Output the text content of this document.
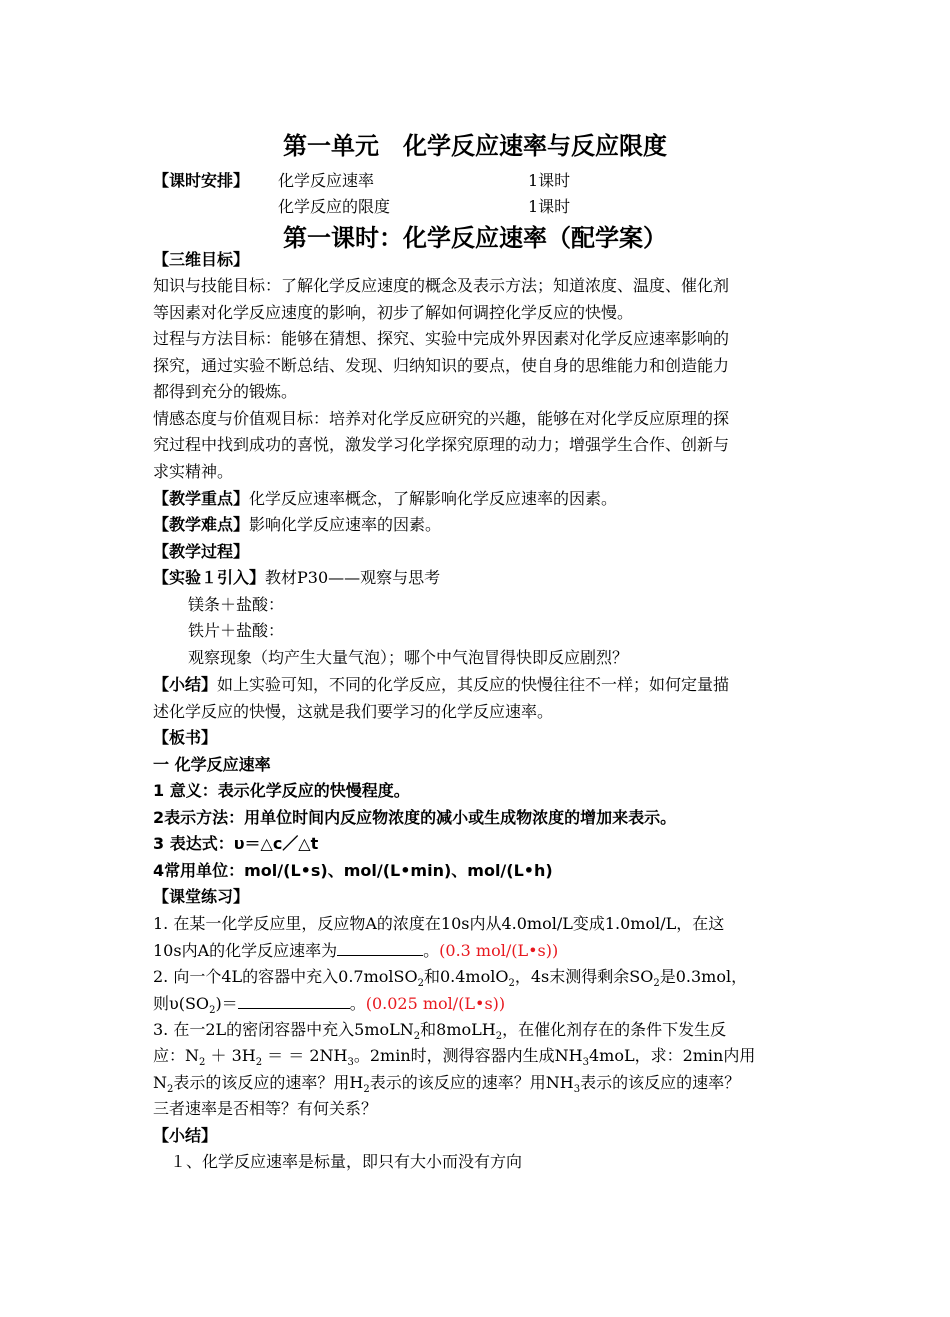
第一单元　化学反应速率与反应限度
【课时安排】 化学反应速率	1课时
化学反应的限度	1课时
第一课时：化学反应速率（配学案）
【三维目标】
知识与技能目标：了解化学反应速度的概念及表示方法；知道浓度、温度、催化剂
等因素对化学反应速度的影响，初步了解如何调控化学反应的快慢。
过程与方法目标：能够在猜想、探究、实验中完成外界因素对化学反应速率影响的
探究，通过实验不断总结、发现、归纳知识的要点，使自身的思维能力和创造能力
都得到充分的锻炼。
情感态度与价值观目标：培养对化学反应研究的兴趣，能够在对化学反应原理的探
究过程中找到成功的喜悦，激发学习化学探究原理的动力；增强学生合作、创新与
求实精神。
【教学重点】化学反应速率概念，了解影响化学反应速率的因素。
【教学难点】影响化学反应速率的因素。
【教学过程】
【实验１引入】教材P30——观察与思考
镁条＋盐酸：
铁片＋盐酸：
观察现象（均产生大量气泡）；哪个中气泡冒得快即反应剧烈？
【小结】如上实验可知，不同的化学反应，其反应的快慢往往不一样；如何定量描
述化学反应的快慢，这就是我们要学习的化学反应速率。
【板书】
一 化学反应速率
1 意义：表示化学反应的快慢程度。
2表示方法：用单位时间内反应物浓度的减小或生成物浓度的增加来表示。
3 表达式：υ＝△c／△t
4常用单位：mol/(L•s)、mol/(L•min)、mol/(L•h)
【课堂练习】
1. 在某一化学反应里，反应物A的浓度在10s内从4.0mol/L变成1.0mol/L，在这
10s内A的化学反应速率为	。(0.3 mol/(L•s))
2. 向一个4L的容器中充入0.7molSO$_2$和0.4molO$_2$，4s末测得剩余$SO_2$是0.3mol，
则$\upsilon(SO_2)=$	。(0.025 mol/(L•s))
3. 在一2L的密闭容器中充入5moLN$_2$和8moLH$_2$，在催化剂存在的条件下发生反
应：$N_2 + 3H_2$ ＝ ＝ $2NH_3$。2min时，测得容器内生成$NH_34moL$，求：2min内用
$N_2$表示的该反应的速率？用$H_2$表示的该反应的速率？用$NH_3$表示的该反应的速率？
三者速率是否相等？有何关系？
【小结】
１、化学反应速率是标量，即只有大小而没有方向
